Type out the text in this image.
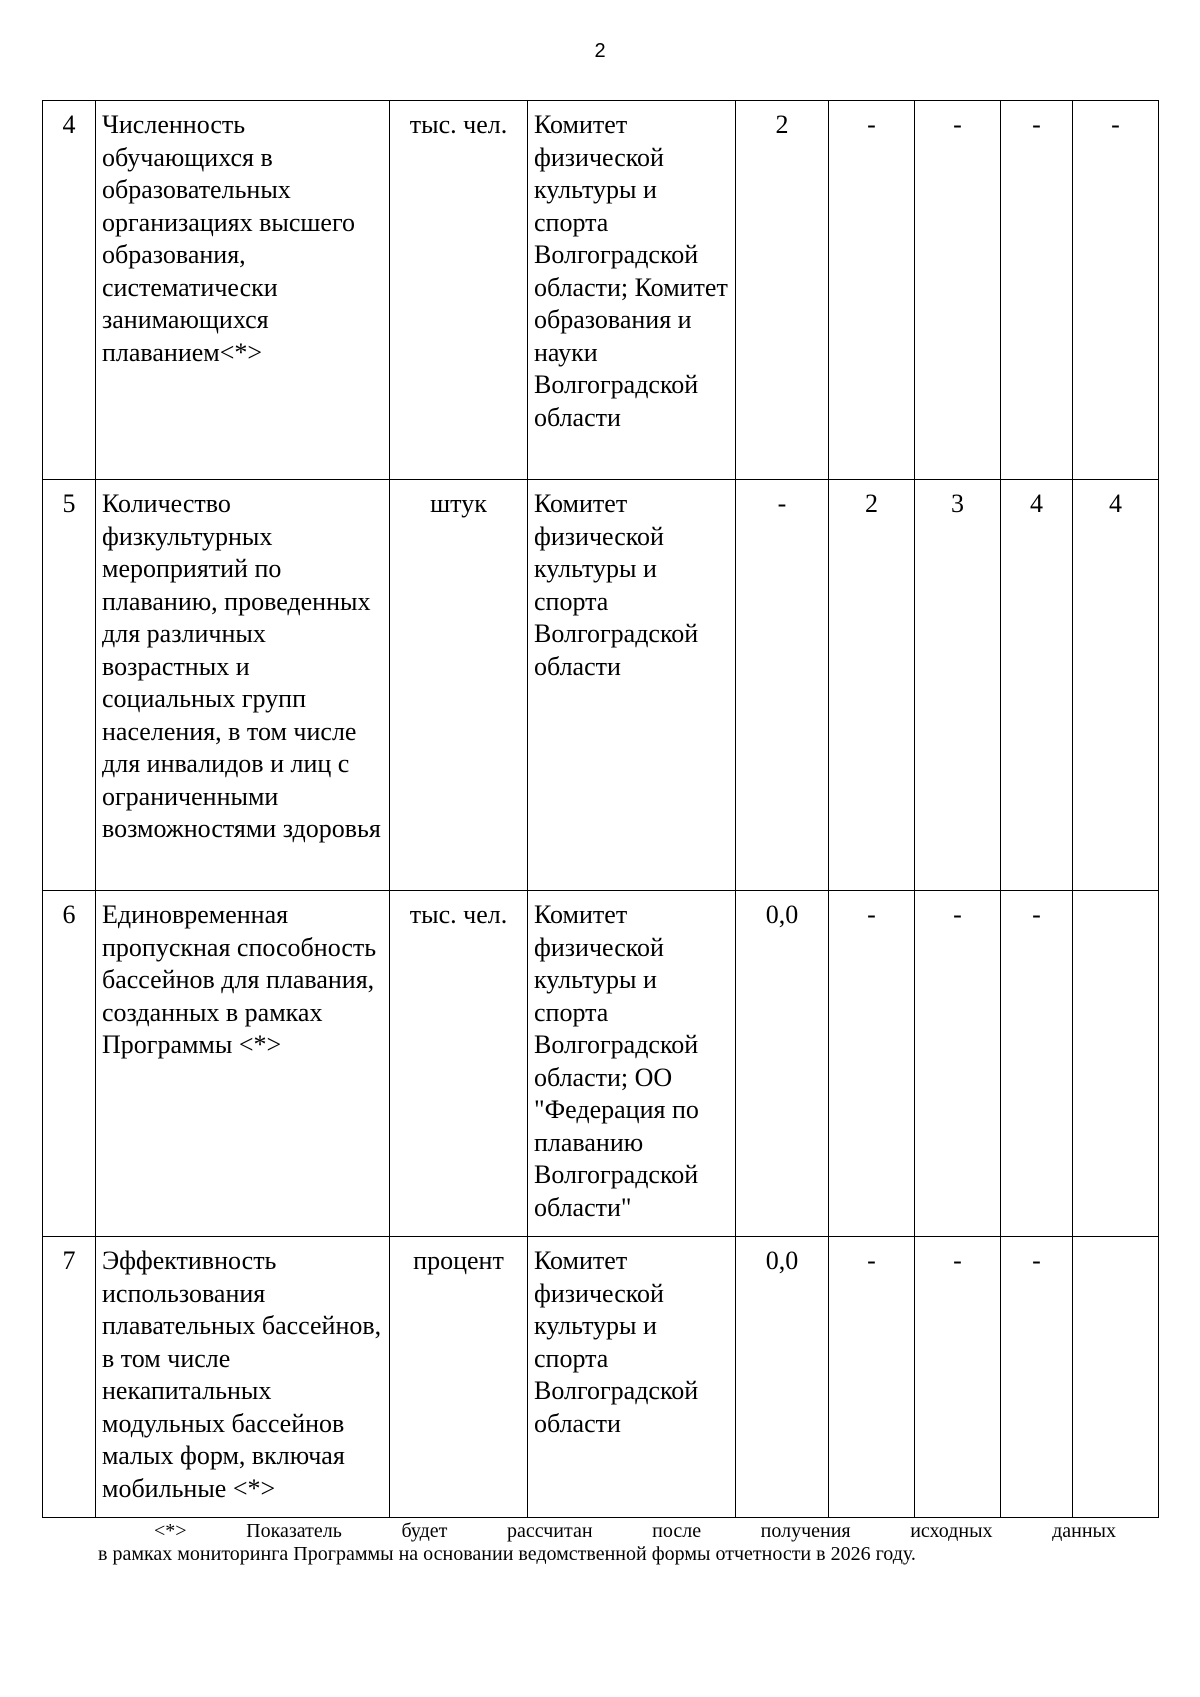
2
4	Численность обучающихся в образовательных организациях высшего образования, систематически занимающихся плаванием<*>	тыс. чел.	Комитет физической культуры и спорта Волгоградской области; Комитет образования и науки Волгоградской области	2	-	-	-	-
5	Количество физкультурных мероприятий по плаванию, проведенных для различных возрастных и социальных групп населения, в том числе для инвалидов и лиц с ограниченными возможностями здоровья	штук	Комитет физической культуры и спорта Волгоградской области	-	2	3	4	4
6	Единовременная пропускная способность бассейнов для плавания, созданных в рамках Программы <*>	тыс. чел.	Комитет физической культуры и спорта Волгоградской области; ОО "Федерация по плаванию Волгоградской области"	0,0	-	-	-	
7	Эффективность использования плавательных бассейнов, в том числе некапитальных модульных бассейнов малых форм, включая мобильные <*>	процент	Комитет физической культуры и спорта Волгоградской области	0,0	-	-	-	
<*> Показатель будет рассчитан после получения исходных данных
в рамках мониторинга Программы на основании ведомственной формы отчетности в 2026 году.
